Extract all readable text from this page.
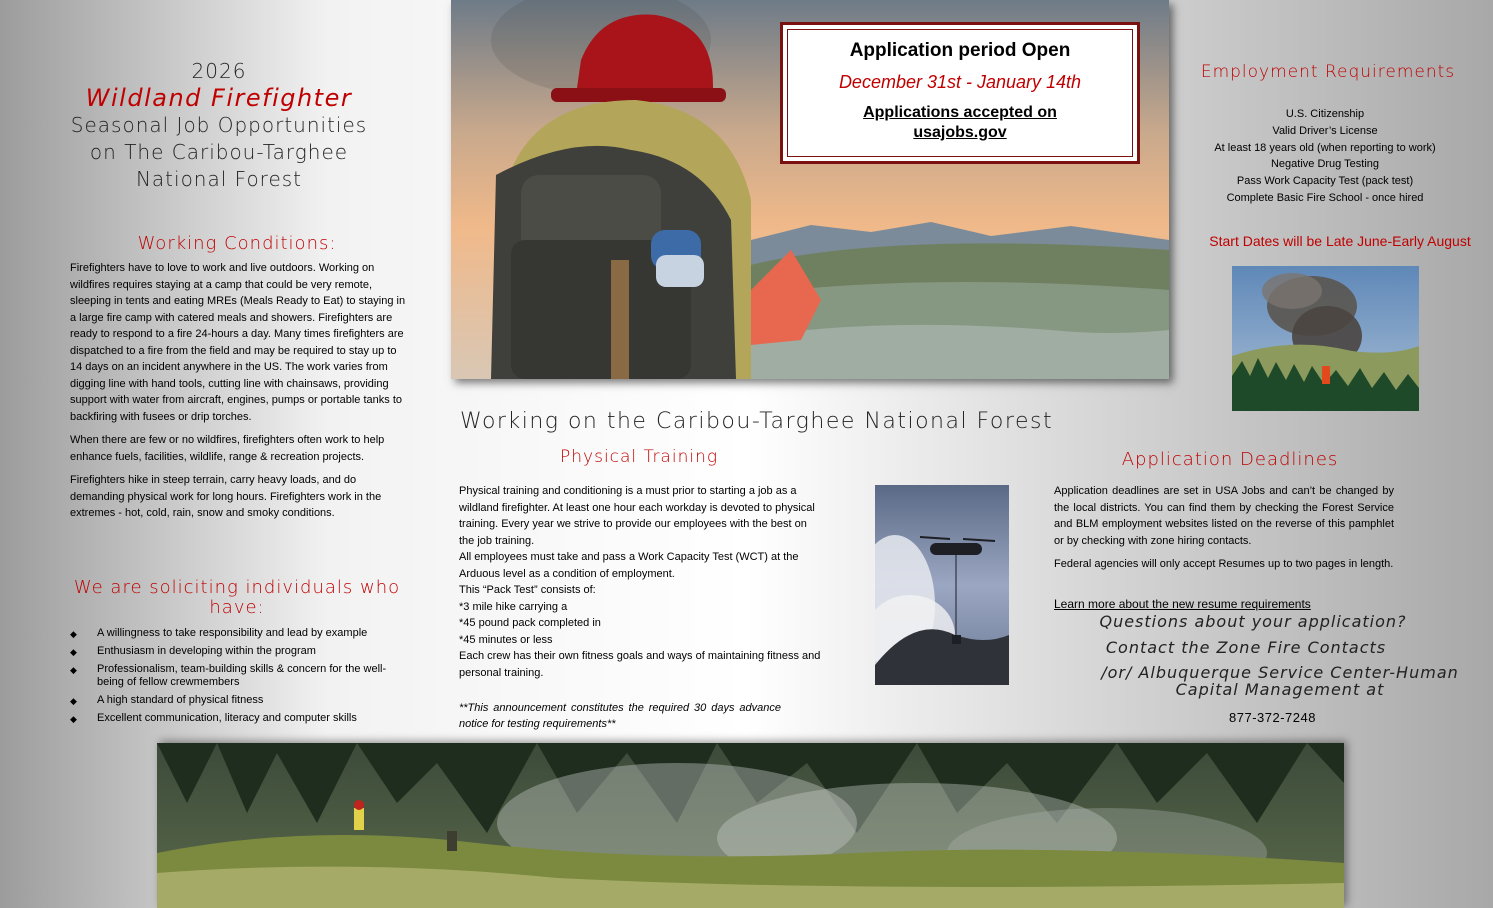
2026
Wildland Firefighter
Seasonal Job Opportunities on The Caribou-Targhee National Forest
Working Conditions:

Firefighters have to love to work and live outdoors. Working on wildfires requires staying at a camp that could be very remote, sleeping in tents and eating MREs (Meals Ready to Eat) to staying in a large fire camp with catered meals and showers. Firefighters are ready to respond to a fire 24-hours a day. Many times firefighters are dispatched to a fire from the field and may be required to stay up to 14 days on an incident anywhere in the US. The work varies from digging line with hand tools, cutting line with chainsaws, providing support with water from aircraft, engines, pumps or portable tanks to backfiring with fusees or drip torches.

When there are few or no wildfires, firefighters often work to help enhance fuels, facilities, wildlife, range & recreation projects.

Firefighters hike in steep terrain, carry heavy loads, and do demanding physical work for long hours. Firefighters work in the extremes - hot, cold, rain, snow and smoky conditions.

We are soliciting individuals who have:
◆ A willingness to take responsibility and lead by example
◆ Enthusiasm in developing within the program
◆ Professionalism, team-building skills & concern for the well-being of fellow crewmembers
◆ A high standard of physical fitness
◆ Excellent communication, literacy and computer skills
Application period Open
December 31st - January 14th
Applications accepted on
usajobs.gov
Working on the Caribou-Targhee National Forest
Physical Training

Physical training and conditioning is a must prior to starting a job as a wildland firefighter. At least one hour each workday is devoted to physical training. Every year we strive to provide our employees with the best on the job training.

All employees must take and pass a Work Capacity Test (WCT) at the Arduous level as a condition of employment.

This “Pack Test” consists of:

*3 mile hike carrying a

*45 pound pack completed in

*45 minutes or less

Each crew has their own fitness goals and ways of maintaining fitness and personal training.

**This announcement constitutes the required 30 days advance notice for testing requirements**
Employment Requirements
U.S. Citizenship
Valid Driver’s License
At least 18 years old (when reporting to work)
Negative Drug Testing
Pass Work Capacity Test (pack test)
Complete Basic Fire School - once hired
Start Dates will be Late June-Early August
Application Deadlines

Application deadlines are set in USA Jobs and can’t be changed by the local districts. You can find them by checking the Forest Service and BLM employment websites listed on the reverse of this pamphlet or by checking with zone hiring contacts.

Federal agencies will only accept Resumes up to two pages in length.

Learn more about the new resume requirements
Questions about your application?
Contact the Zone Fire Contacts
/or/ Albuquerque Service Center-Human Capital Management at
877-372-7248
